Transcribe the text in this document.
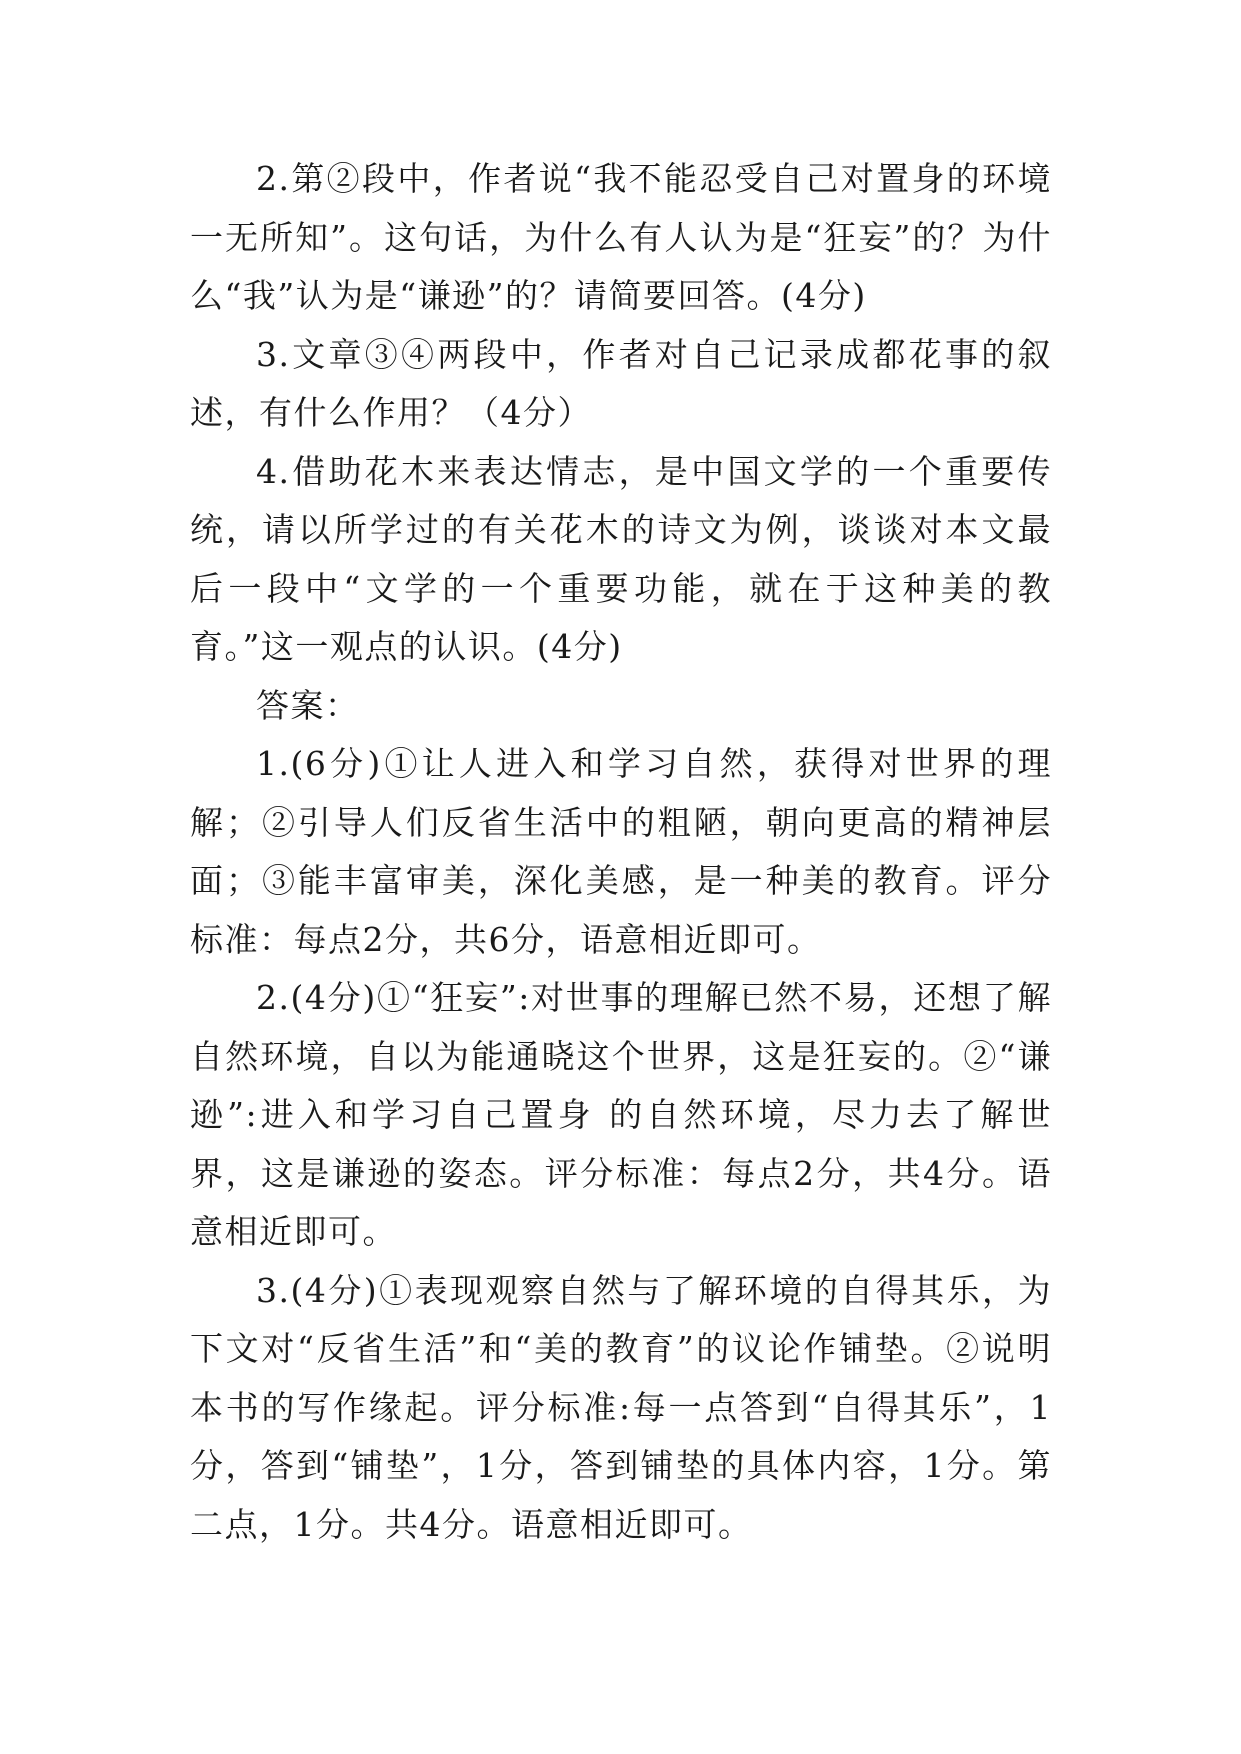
2.第②段中，作者说“我不能忍受自己对置身的环境一无所知”。这句话，为什么有人认为是“狂妄”的？为什么“我”认为是“谦逊”的？请简要回答。(4分)

3.文章③④两段中，作者对自己记录成都花事的叙述，有什么作用？（4分）

4.借助花木来表达情志，是中国文学的一个重要传统，请以所学过的有关花木的诗文为例，谈谈对本文最后一段中“文学的一个重要功能，就在于这种美的教育。”这一观点的认识。(4分)

答案：

1.(6分)①让人进入和学习自然，获得对世界的理解；②引导人们反省生活中的粗陋，朝向更高的精神层面；③能丰富审美，深化美感，是一种美的教育。评分标准：每点2分，共6分，语意相近即可。

2.(4分)①“狂妄”:对世事的理解已然不易，还想了解自然环境，自以为能通晓这个世界，这是狂妄的。②“谦逊”:进入和学习自己置身 的自然环境，尽力去了解世界，这是谦逊的姿态。评分标准：每点2分，共4分。语意相近即可。

3.(4分)①表现观察自然与了解环境的自得其乐，为下文对“反省生活”和“美的教育”的议论作铺垫。②说明本书的写作缘起。评分标准:每一点答到“自得其乐”，1分，答到“铺垫”，1分，答到铺垫的具体内容，1分。第二点，1分。共4分。语意相近即可。
